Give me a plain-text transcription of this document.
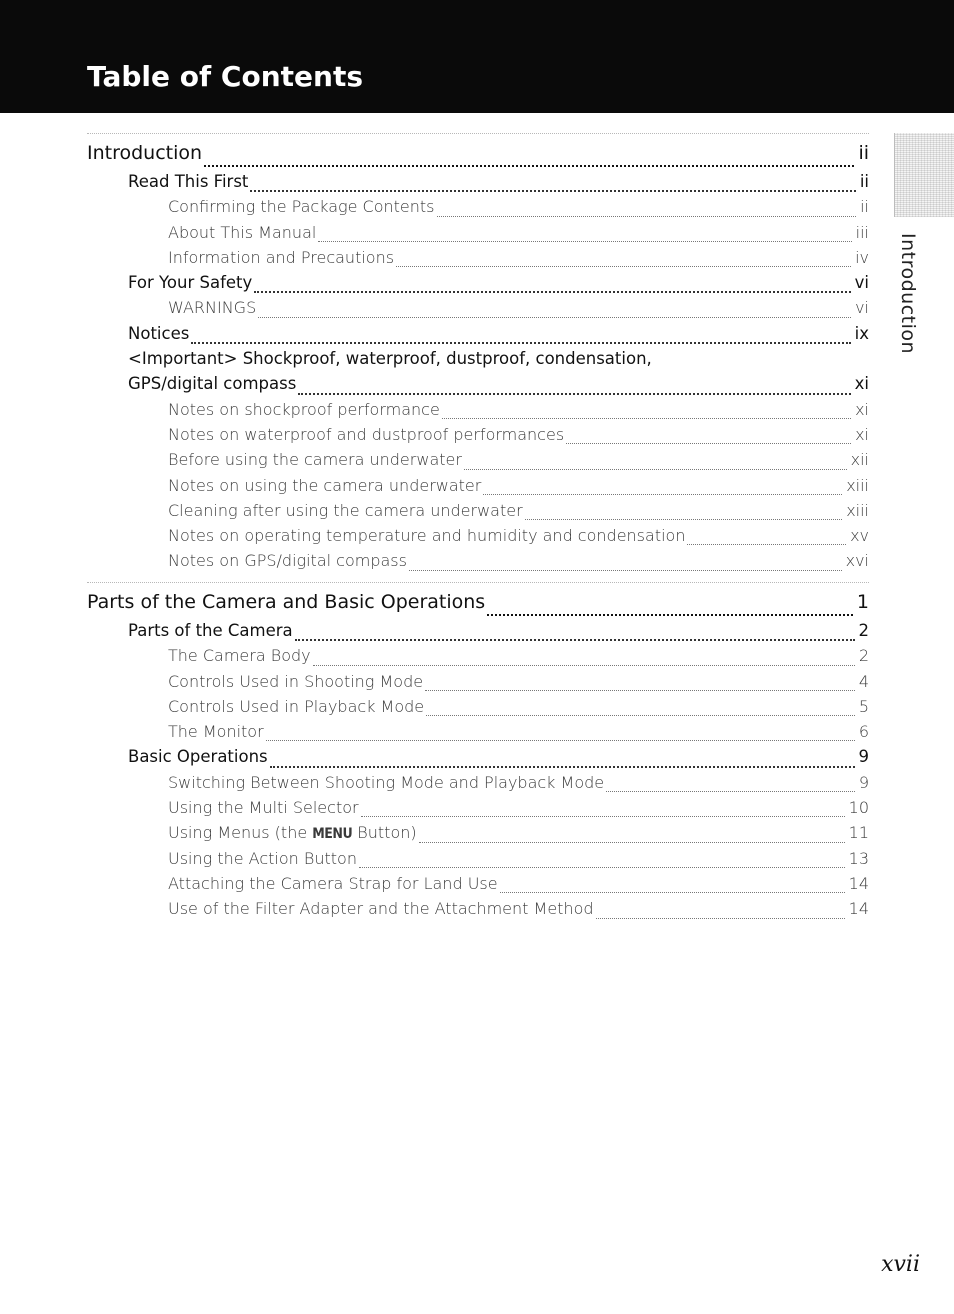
Table of Contents
Introduction
Introduction	ii
Read This First	ii
Confirming the Package Contents	ii
About This Manual	iii
Information and Precautions	iv
For Your Safety	vi
WARNINGS	vi
Notices	ix
<Important> Shockproof, waterproof, dustproof, condensation,
GPS/digital compass	xi
Notes on shockproof performance	xi
Notes on waterproof and dustproof performances	xi
Before using the camera underwater	xii
Notes on using the camera underwater	xiii
Cleaning after using the camera underwater	xiii
Notes on operating temperature and humidity and condensation	xv
Notes on GPS/digital compass	xvi
Parts of the Camera and Basic Operations	1
Parts of the Camera	2
The Camera Body	2
Controls Used in Shooting Mode	4
Controls Used in Playback Mode	5
The Monitor	6
Basic Operations	9
Switching Between Shooting Mode and Playback Mode	9
Using the Multi Selector	10
Using Menus (the MENU Button)	11
Using the Action Button	13
Attaching the Camera Strap for Land Use	14
Use of the Filter Adapter and the Attachment Method	14
xvii
